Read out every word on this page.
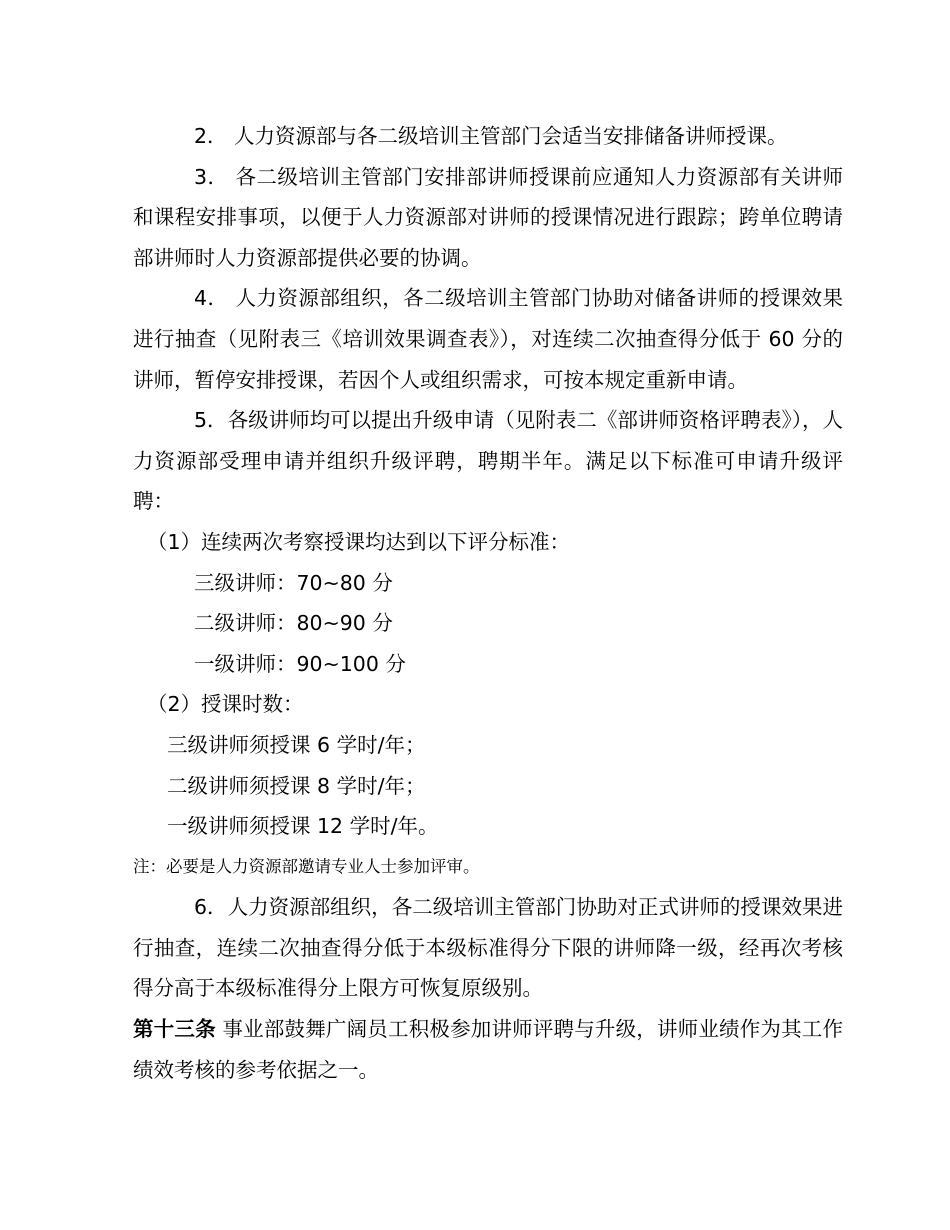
2． 人力资源部与各二级培训主管部门会适当安排储备讲师授课。

3． 各二级培训主管部门安排部讲师授课前应通知人力资源部有关讲师和课程安排事项，以便于人力资源部对讲师的授课情况进行跟踪；跨单位聘请部讲师时人力资源部提供必要的协调。

4． 人力资源部组织，各二级培训主管部门协助对储备讲师的授课效果进行抽查（见附表三《培训效果调查表》），对连续二次抽查得分低于 60 分的讲师，暂停安排授课，若因个人或组织需求，可按本规定重新申请。

5．各级讲师均可以提出升级申请（见附表二《部讲师资格评聘表》），人力资源部受理申请并组织升级评聘，聘期半年。满足以下标准可申请升级评聘：

（1）连续两次考察授课均达到以下评分标准：

三级讲师：70~80 分

二级讲师：80~90 分

一级讲师：90~100 分

（2）授课时数：

三级讲师须授课 6 学时/年；

二级讲师须授课 8 学时/年；

一级讲师须授课 12 学时/年。

注：必要是人力资源部邀请专业人士参加评审。

6．人力资源部组织，各二级培训主管部门协助对正式讲师的授课效果进行抽查，连续二次抽查得分低于本级标准得分下限的讲师降一级，经再次考核得分高于本级标准得分上限方可恢复原级别。

第十三条 事业部鼓舞广阔员工积极参加讲师评聘与升级，讲师业绩作为其工作绩效考核的参考依据之一。
